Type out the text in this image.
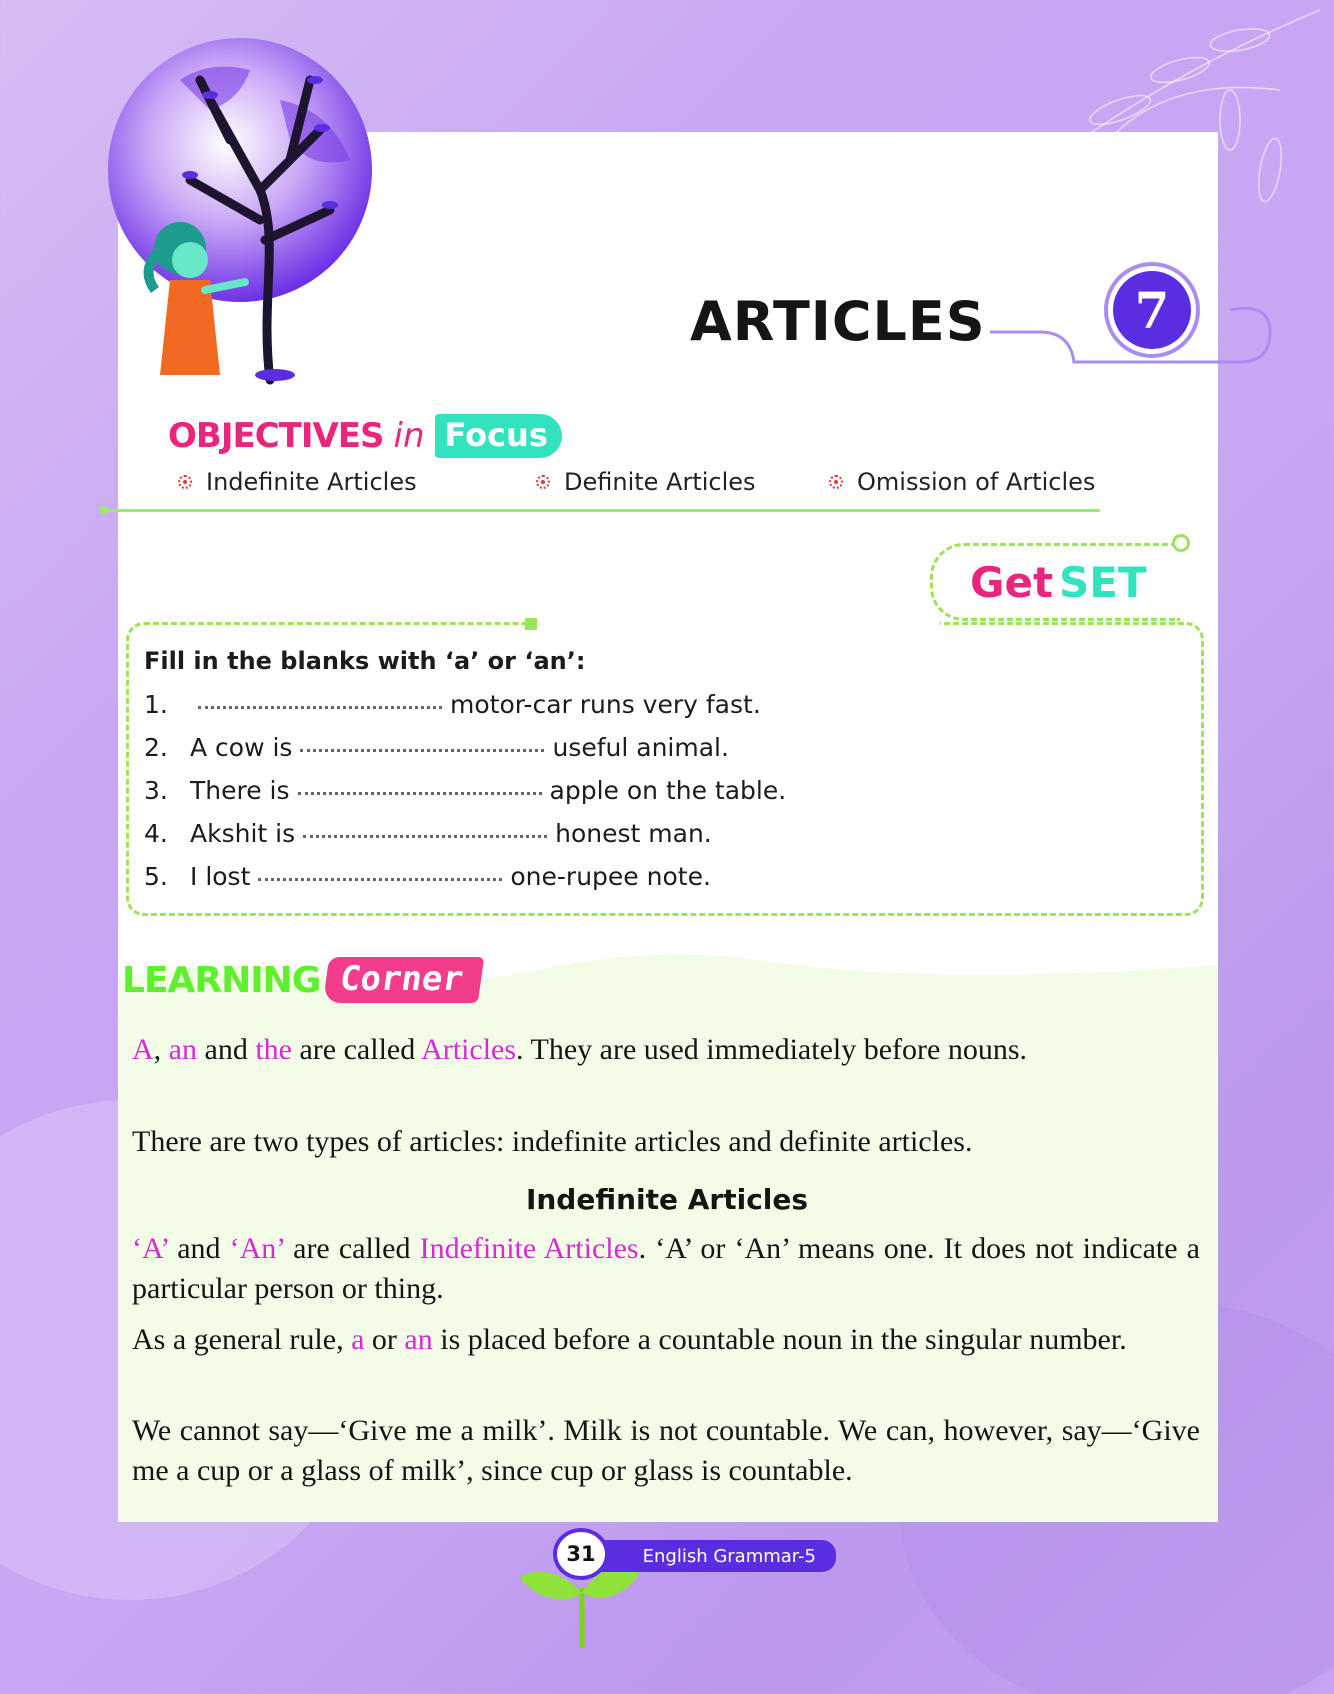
ARTICLES	7
OBJECTIVES in Focus
Indefinite Articles	Definite Articles	Omission of Articles
Get SET
Fill in the blanks with ‘a’ or ‘an’:
1.	motor-car runs very fast.
2. A cow is	useful animal.
3. There is	apple on the table.
4. Akshit is	honest man.
5. I lost	one-rupee note.
LEARNING Corner
A, an and the are called Articles. They are used immediately before nouns.
There are two types of articles: indefinite articles and definite articles.
Indefinite Articles
‘A’ and ‘An’ are called Indefinite Articles. ‘A’ or ‘An’ means one. It does not indicate a particular person or thing.
As a general rule, a or an is placed before a countable noun in the singular number.
We cannot say—‘Give me a milk’. Milk is not countable. We can, however, say—‘Give me a cup or a glass of milk’, since cup or glass is countable.
English Grammar-5
31
